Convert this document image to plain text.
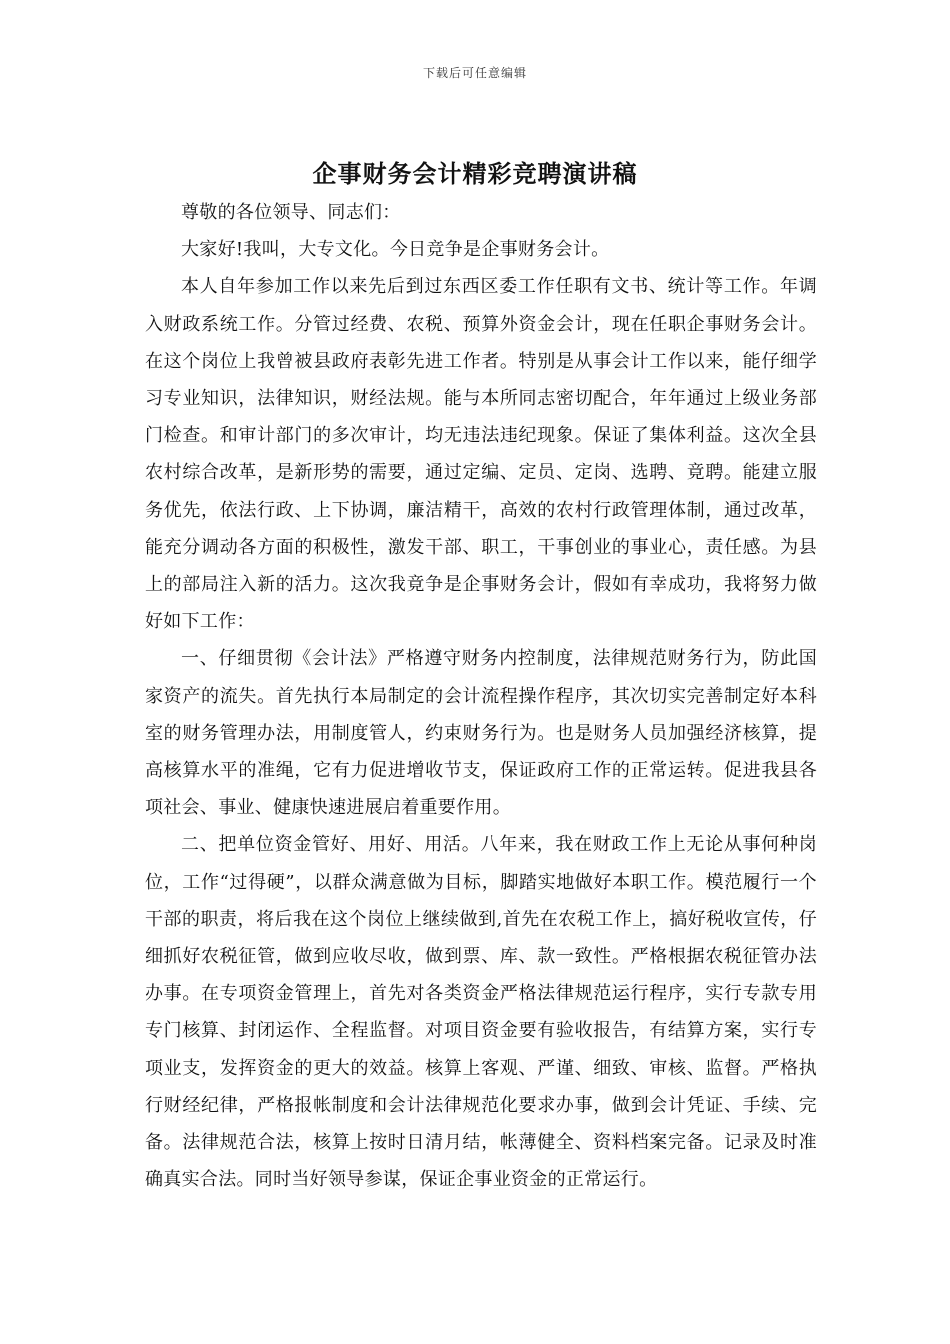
下载后可任意编辑
企事财务会计精彩竞聘演讲稿

尊敬的各位领导、同志们：

大家好!我叫，大专文化。今日竞争是企事财务会计。

本人自年参加工作以来先后到过东西区委工作任职有文书、统计等工作。年调入财政系统工作。分管过经费、农税、预算外资金会计，现在任职企事财务会计。在这个岗位上我曾被县政府表彰先进工作者。特别是从事会计工作以来，能仔细学习专业知识，法律知识，财经法规。能与本所同志密切配合，年年通过上级业务部门检查。和审计部门的多次审计，均无违法违纪现象。保证了集体利益。这次全县农村综合改革，是新形势的需要，通过定编、定员、定岗、选聘、竟聘。能建立服务优先，依法行政、上下协调，廉洁精干，高效的农村行政管理体制，通过改革，能充分调动各方面的积极性，激发干部、职工，干事创业的事业心，责任感。为县上的部局注入新的活力。这次我竟争是企事财务会计，假如有幸成功，我将努力做好如下工作：

一、仔细贯彻《会计法》严格遵守财务内控制度，法律规范财务行为，防此国家资产的流失。首先执行本局制定的会计流程操作程序，其次切实完善制定好本科室的财务管理办法，用制度管人，约束财务行为。也是财务人员加强经济核算，提高核算水平的准绳，它有力促进增收节支，保证政府工作的正常运转。促进我县各项社会、事业、健康快速进展启着重要作用。

二、把单位资金管好、用好、用活。八年来，我在财政工作上无论从事何种岗位，工作“过得硬”，以群众满意做为目标，脚踏实地做好本职工作。模范履行一个干部的职责，将后我在这个岗位上继续做到,首先在农税工作上，搞好税收宣传，仔细抓好农税征管，做到应收尽收，做到票、库、款一致性。严格根据农税征管办法办事。在专项资金管理上，首先对各类资金严格法律规范运行程序，实行专款专用专门核算、封闭运作、全程监督。对项目资金要有验收报告，有结算方案，实行专项业支，发挥资金的更大的效益。核算上客观、严谨、细致、审核、监督。严格执行财经纪律，严格报帐制度和会计法律规范化要求办事，做到会计凭证、手续、完备。法律规范合法，核算上按时日清月结，帐薄健全、资料档案完备。记录及时准确真实合法。同时当好领导参谋，保证企事业资金的正常运行。
